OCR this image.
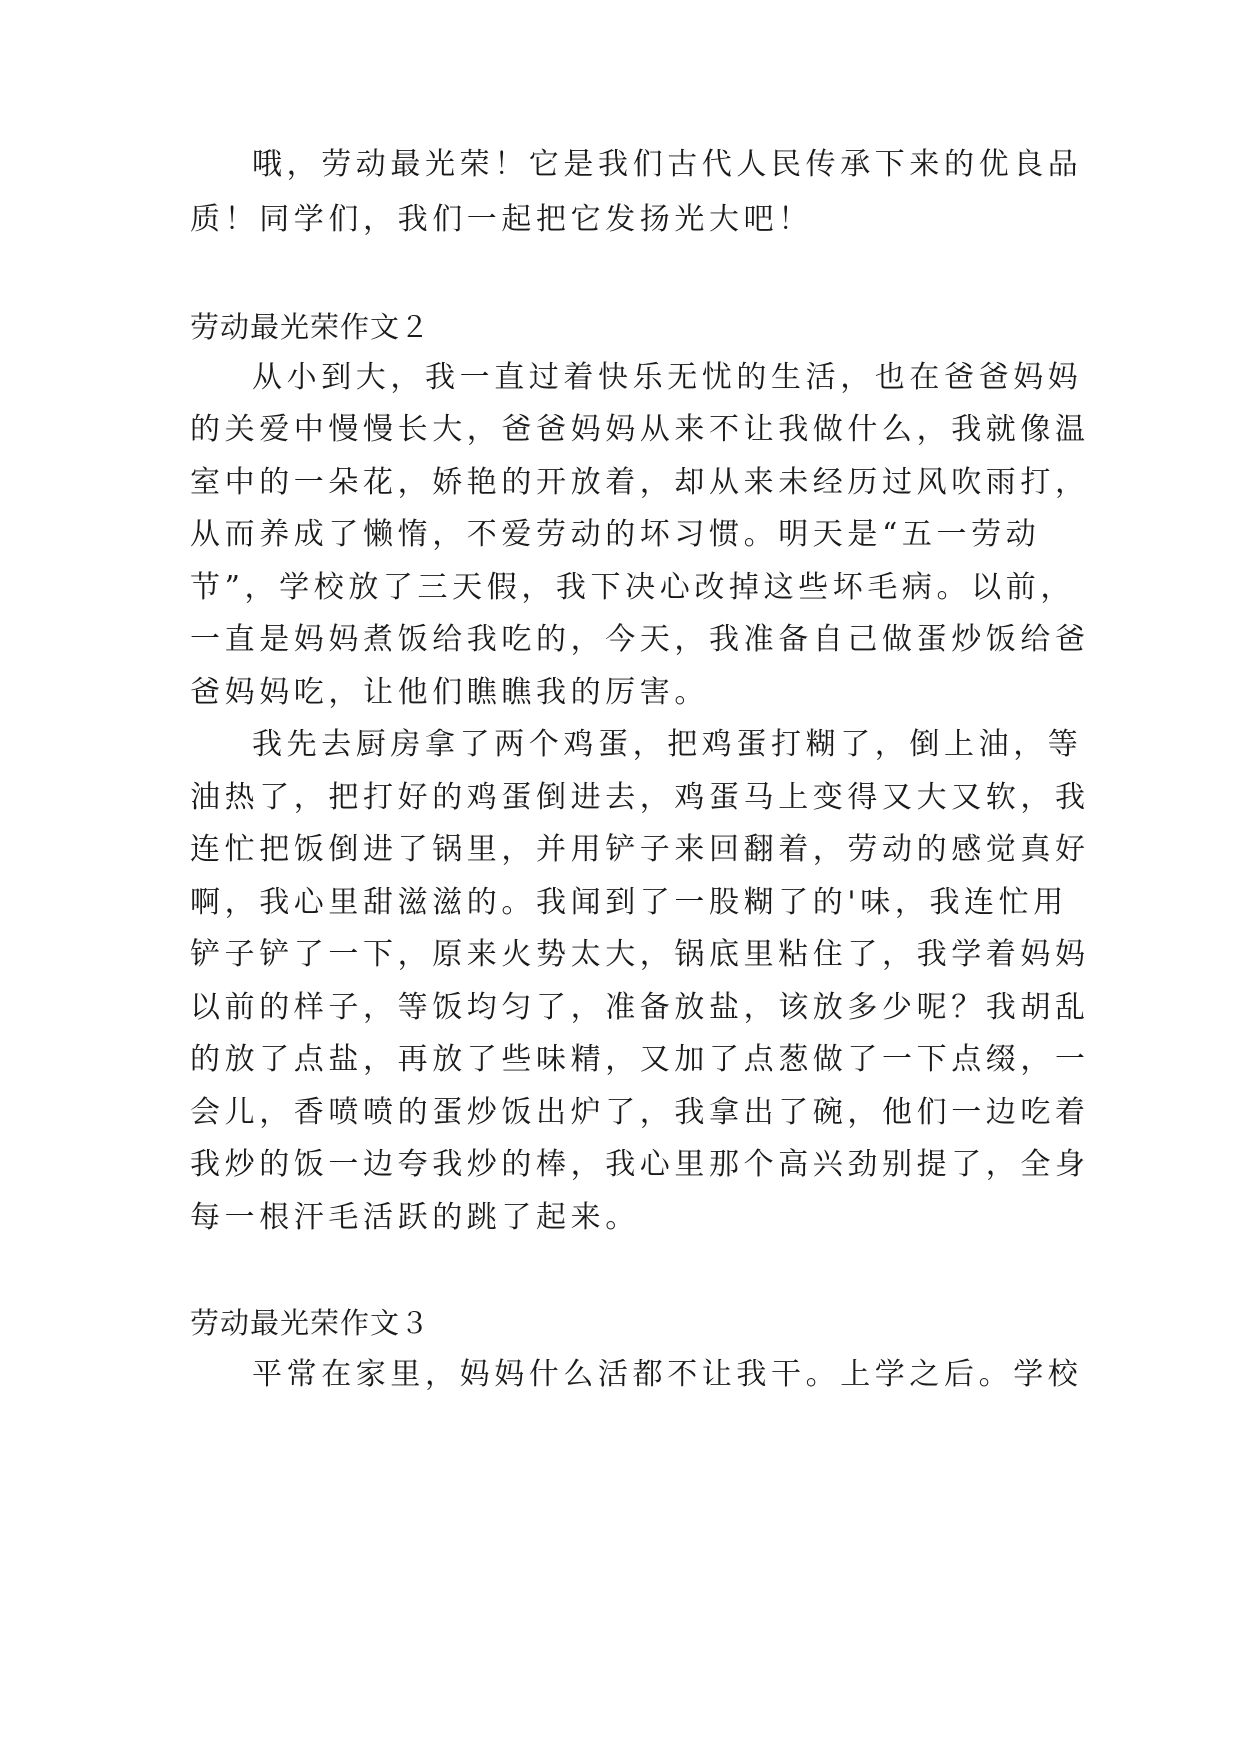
哦，劳动最光荣！它是我们古代人民传承下来的优良品
质！同学们，我们一起把它发扬光大吧！
劳动最光荣作文２
从小到大，我一直过着快乐无忧的生活，也在爸爸妈妈
的关爱中慢慢长大，爸爸妈妈从来不让我做什么，我就像温
室中的一朵花，娇艳的开放着，却从来未经历过风吹雨打，
从而养成了懒惰，不爱劳动的坏习惯。明天是“五一劳动
节”，学校放了三天假，我下决心改掉这些坏毛病。以前，
一直是妈妈煮饭给我吃的，今天，我准备自己做蛋炒饭给爸
爸妈妈吃，让他们瞧瞧我的厉害。
我先去厨房拿了两个鸡蛋，把鸡蛋打糊了，倒上油，等
油热了，把打好的鸡蛋倒进去，鸡蛋马上变得又大又软，我
连忙把饭倒进了锅里，并用铲子来回翻着，劳动的感觉真好
啊，我心里甜滋滋的。我闻到了一股糊了的'味，我连忙用
铲子铲了一下，原来火势太大，锅底里粘住了，我学着妈妈
以前的样子，等饭均匀了，准备放盐，该放多少呢？我胡乱
的放了点盐，再放了些味精，又加了点葱做了一下点缀，一
会儿，香喷喷的蛋炒饭出炉了，我拿出了碗，他们一边吃着
我炒的饭一边夸我炒的棒，我心里那个高兴劲别提了，全身
每一根汗毛活跃的跳了起来。
劳动最光荣作文３
平常在家里，妈妈什么活都不让我干。上学之后。学校
